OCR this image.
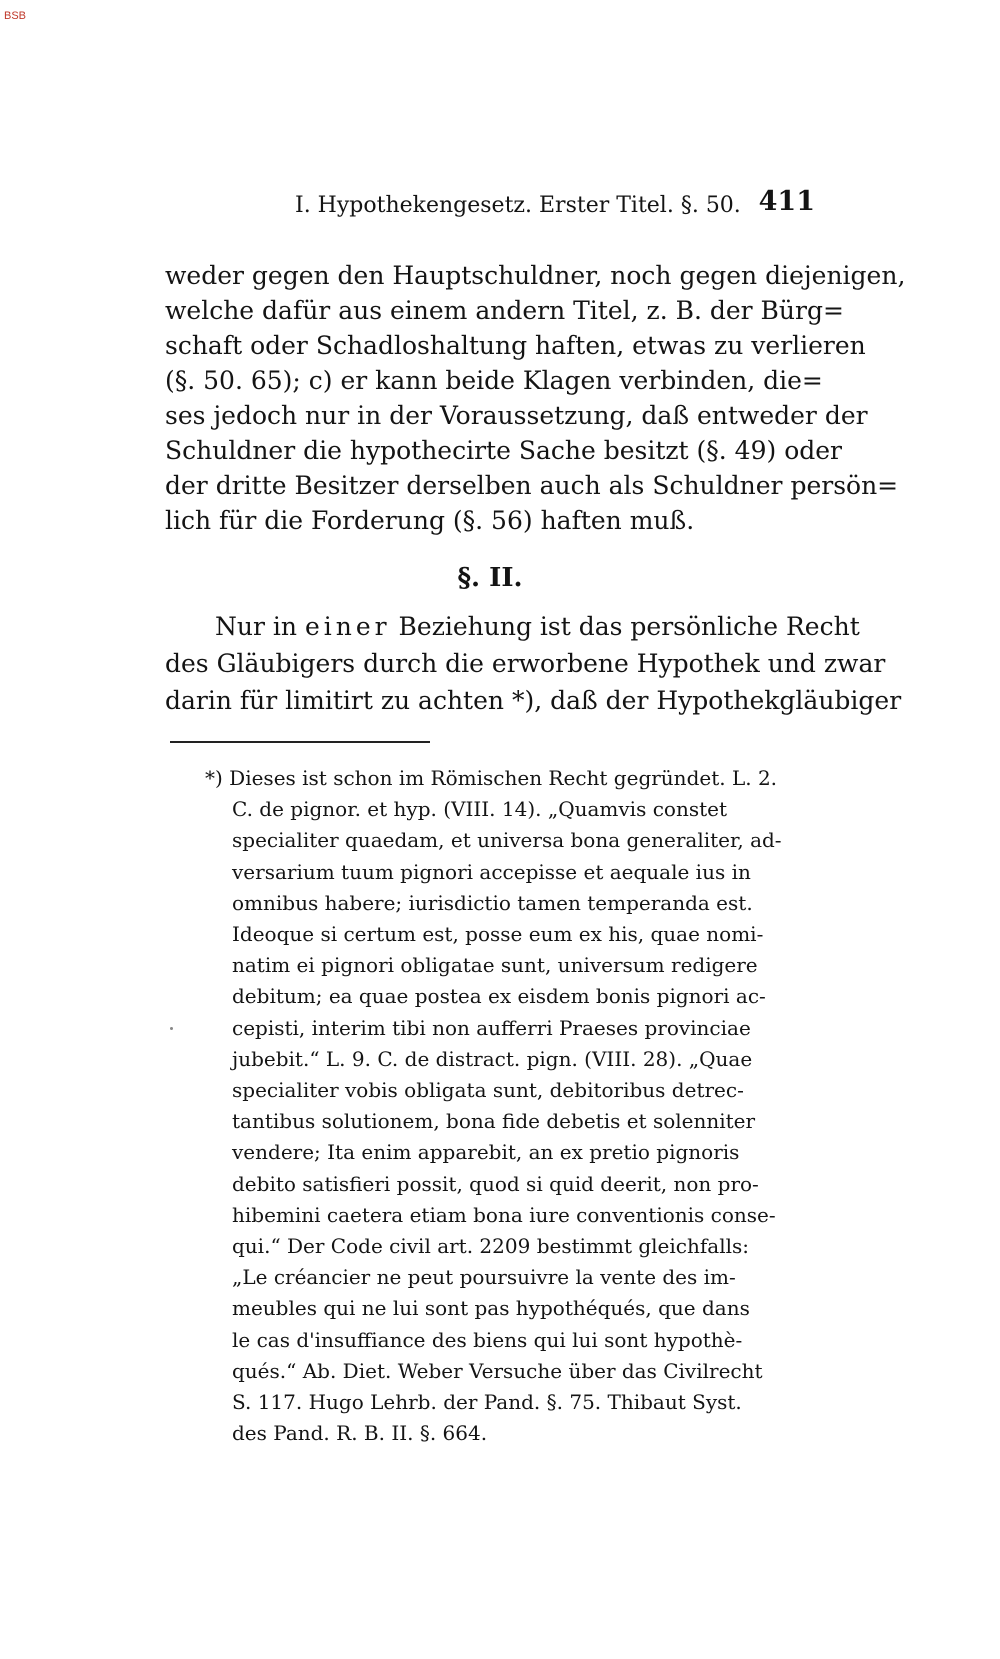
BSB
I. Hypothekengesetz. Erster Titel. §. 50. 411
weder gegen den Hauptschuldner, noch gegen diejenigen,
welche dafür aus einem andern Titel, z. B. der Bürg=
schaft oder Schadloshaltung haften, etwas zu verlieren
(§. 50. 65); c) er kann beide Klagen verbinden, die=
ses jedoch nur in der Voraussetzung, daß entweder der
Schuldner die hypothecirte Sache besitzt (§. 49) oder
der dritte Besitzer derselben auch als Schuldner persön=
lich für die Forderung (§. 56) haften muß.
§. II.
Nur in einer Beziehung ist das persönliche Recht
des Gläubigers durch die erworbene Hypothek und zwar
darin für limitirt zu achten *), daß der Hypothekgläubiger
*) Dieses ist schon im Römischen Recht gegründet. L. 2.
C. de pignor. et hyp. (VIII. 14). „Quamvis constet
specialiter quaedam, et universa bona generaliter, ad-
versarium tuum pignori accepisse et aequale ius in
omnibus habere; iurisdictio tamen temperanda est.
Ideoque si certum est, posse eum ex his, quae nomi-
natim ei pignori obligatae sunt, universum redigere
debitum; ea quae postea ex eisdem bonis pignori ac-
cepisti, interim tibi non aufferri Praeses provinciae
jubebit.“ L. 9. C. de distract. pign. (VIII. 28). „Quae
specialiter vobis obligata sunt, debitoribus detrec-
tantibus solutionem, bona fide debetis et solenniter
vendere; Ita enim apparebit, an ex pretio pignoris
debito satisfieri possit, quod si quid deerit, non pro-
hibemini caetera etiam bona iure conventionis conse-
qui.“ Der Code civil art. 2209 bestimmt gleichfalls:
„Le créancier ne peut poursuivre la vente des im-
meubles qui ne lui sont pas hypothéqués, que dans
le cas d'insuffiance des biens qui lui sont hypothè-
qués.“ Ab. Diet. Weber Versuche über das Civilrecht
S. 117. Hugo Lehrb. der Pand. §. 75. Thibaut Syst.
des Pand. R. B. II. §. 664.
